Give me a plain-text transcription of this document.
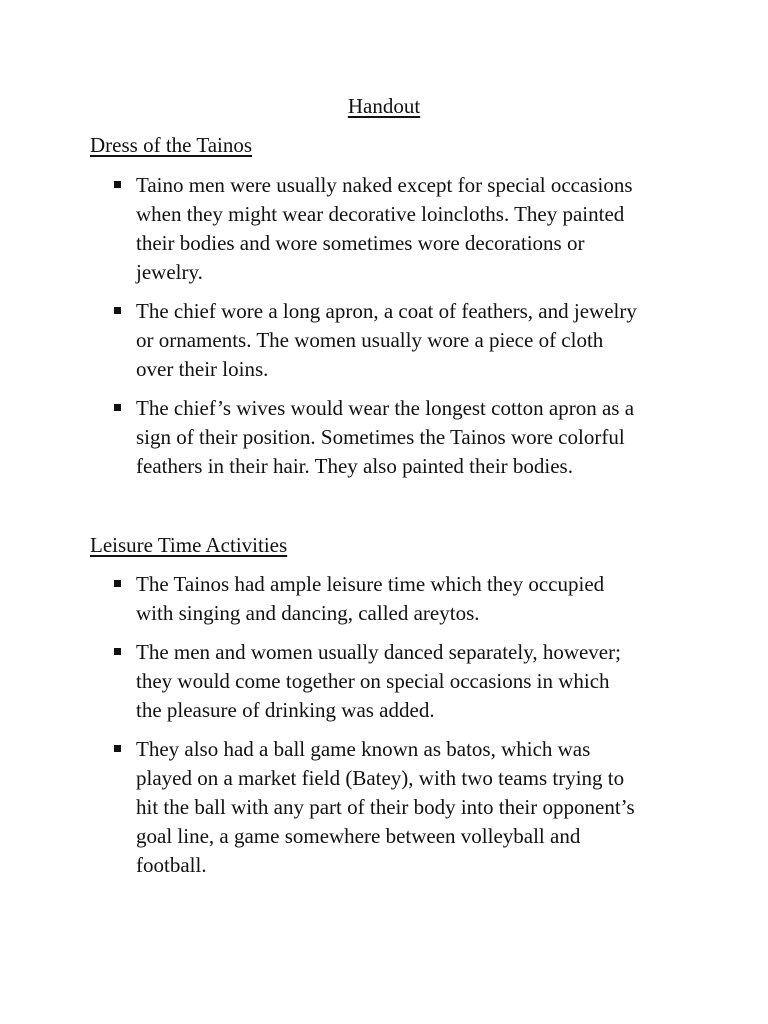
Handout
Dress of the Tainos
Taino men were usually naked except for special occasions
when they might wear decorative loincloths. They painted
their bodies and wore sometimes wore decorations or
jewelry.
The chief wore a long apron, a coat of feathers, and jewelry
or ornaments. The women usually wore a piece of cloth
over their loins.
The chief’s wives would wear the longest cotton apron as a
sign of their position. Sometimes the Tainos wore colorful
feathers in their hair. They also painted their bodies.
Leisure Time Activities
The Tainos had ample leisure time which they occupied
with singing and dancing, called areytos.
The men and women usually danced separately, however;
they would come together on special occasions in which
the pleasure of drinking was added.
They also had a ball game known as batos, which was
played on a market field (Batey), with two teams trying to
hit the ball with any part of their body into their opponent’s
goal line, a game somewhere between volleyball and
football.
